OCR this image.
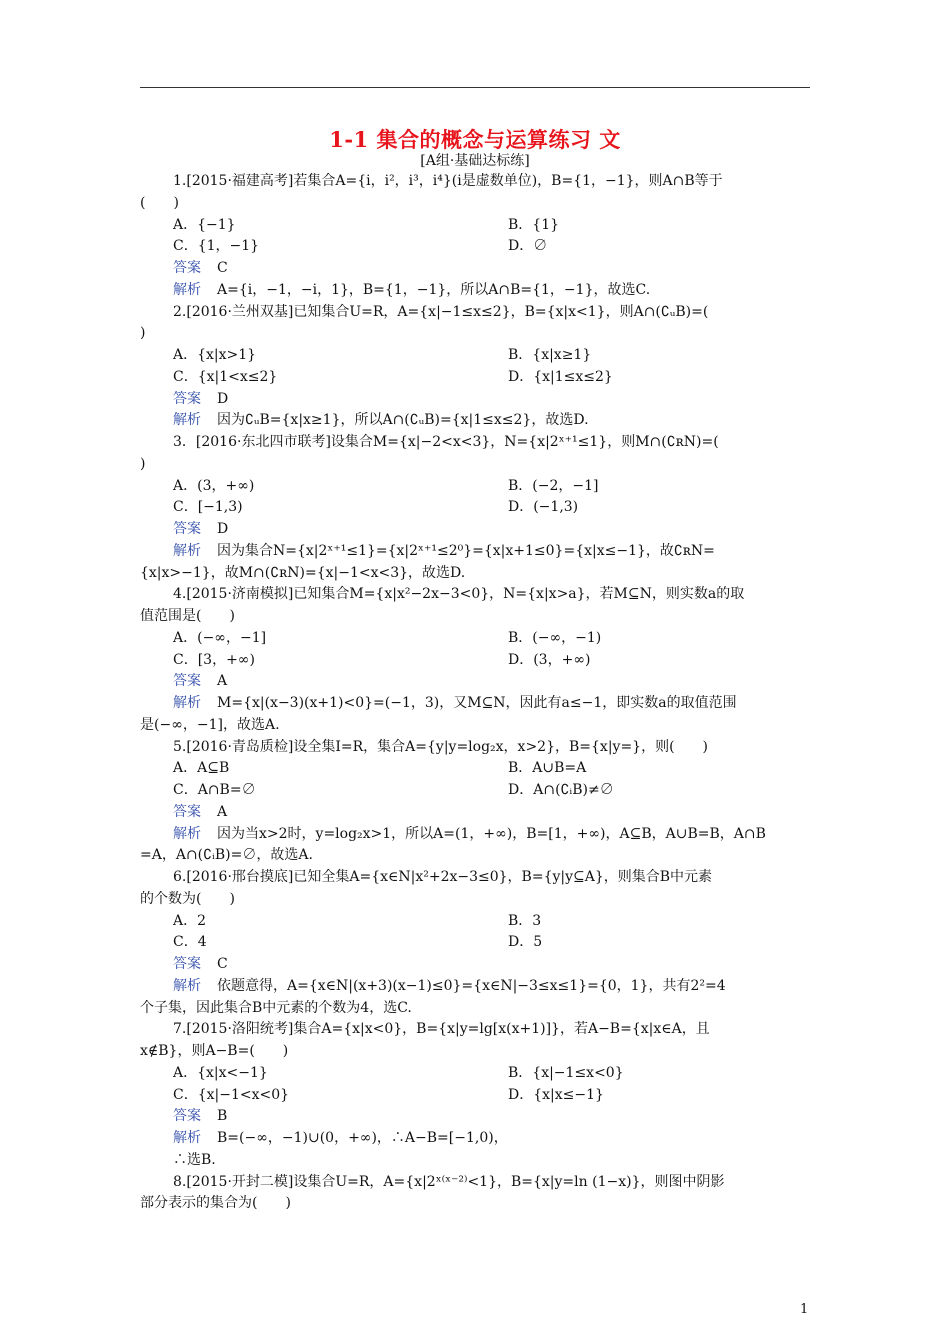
1-1 集合的概念与运算练习 文
[A组·基础达标练]
1.[2015·福建高考]若集合A={i，i²，i³，i⁴}(i是虚数单位)，B={1，−1}，则A∩B等于
(　　)
A．{−1}	B．{1}
C．{1，−1}	D．∅
答案 C
解析 A={i，−1，−i，1}，B={1，−1}，所以A∩B={1，−1}，故选C.
2.[2016·兰州双基]已知集合U=R，A={x|−1≤x≤2}，B={x|x<1}，则A∩(∁ᵤB)=(
)
A．{x|x>1}	B．{x|x≥1}
C．{x|1<x≤2}	D．{x|1≤x≤2}
答案 D
解析 因为∁ᵤB={x|x≥1}，所以A∩(∁ᵤB)={x|1≤x≤2}，故选D.
3．[2016·东北四市联考]设集合M={x|−2<x<3}，N={x|2ˣ⁺¹≤1}，则M∩(∁ʀN)=(
)
A．(3，+∞)	B．(−2，−1]
C．[−1,3)	D．(−1,3)
答案 D
解析 因为集合N={x|2ˣ⁺¹≤1}={x|2ˣ⁺¹≤2⁰}={x|x+1≤0}={x|x≤−1}，故∁ʀN=
{x|x>−1}，故M∩(∁ʀN)={x|−1<x<3}，故选D.
4.[2015·济南模拟]已知集合M={x|x²−2x−3<0}，N={x|x>a}，若M⊆N，则实数a的取
值范围是(　　)
A．(−∞，−1]	B．(−∞，−1)
C．[3，+∞)	D．(3，+∞)
答案 A
解析 M={x|(x−3)(x+1)<0}=(−1，3)，又M⊆N，因此有a≤−1，即实数a的取值范围
是(−∞，−1]，故选A.
5.[2016·青岛质检]设全集I=R，集合A={y|y=log₂x，x>2}，B={x|y=}，则(　　)
A．A⊆B	B．A∪B=A
C．A∩B=∅	D．A∩(∁ᵢB)≠∅
答案 A
解析 因为当x>2时，y=log₂x>1，所以A=(1，+∞)，B=[1，+∞)，A⊆B，A∪B=B，A∩B
=A，A∩(∁ᵢB)=∅，故选A.
6.[2016·邢台摸底]已知全集A={x∈N|x²+2x−3≤0}，B={y|y⊆A}，则集合B中元素
的个数为(　　)
A．2	B．3
C．4	D．5
答案 C
解析 依题意得，A={x∈N|(x+3)(x−1)≤0}={x∈N|−3≤x≤1}={0，1}，共有2²=4
个子集，因此集合B中元素的个数为4，选C.
7.[2015·洛阳统考]集合A={x|x<0}，B={x|y=lg[x(x+1)]}，若A−B={x|x∈A，且
x∉B}，则A−B=(　　)
A．{x|x<−1}	B．{x|−1≤x<0}
C．{x|−1<x<0}	D．{x|x≤−1}
答案 B
解析 B=(−∞，−1)∪(0，+∞)，∴A−B=[−1,0)，
∴选B.
8.[2015·开封二模]设集合U=R，A={x|2ˣ⁽ˣ⁻²⁾<1}，B={x|y=ln (1−x)}，则图中阴影
部分表示的集合为(　　)
1
